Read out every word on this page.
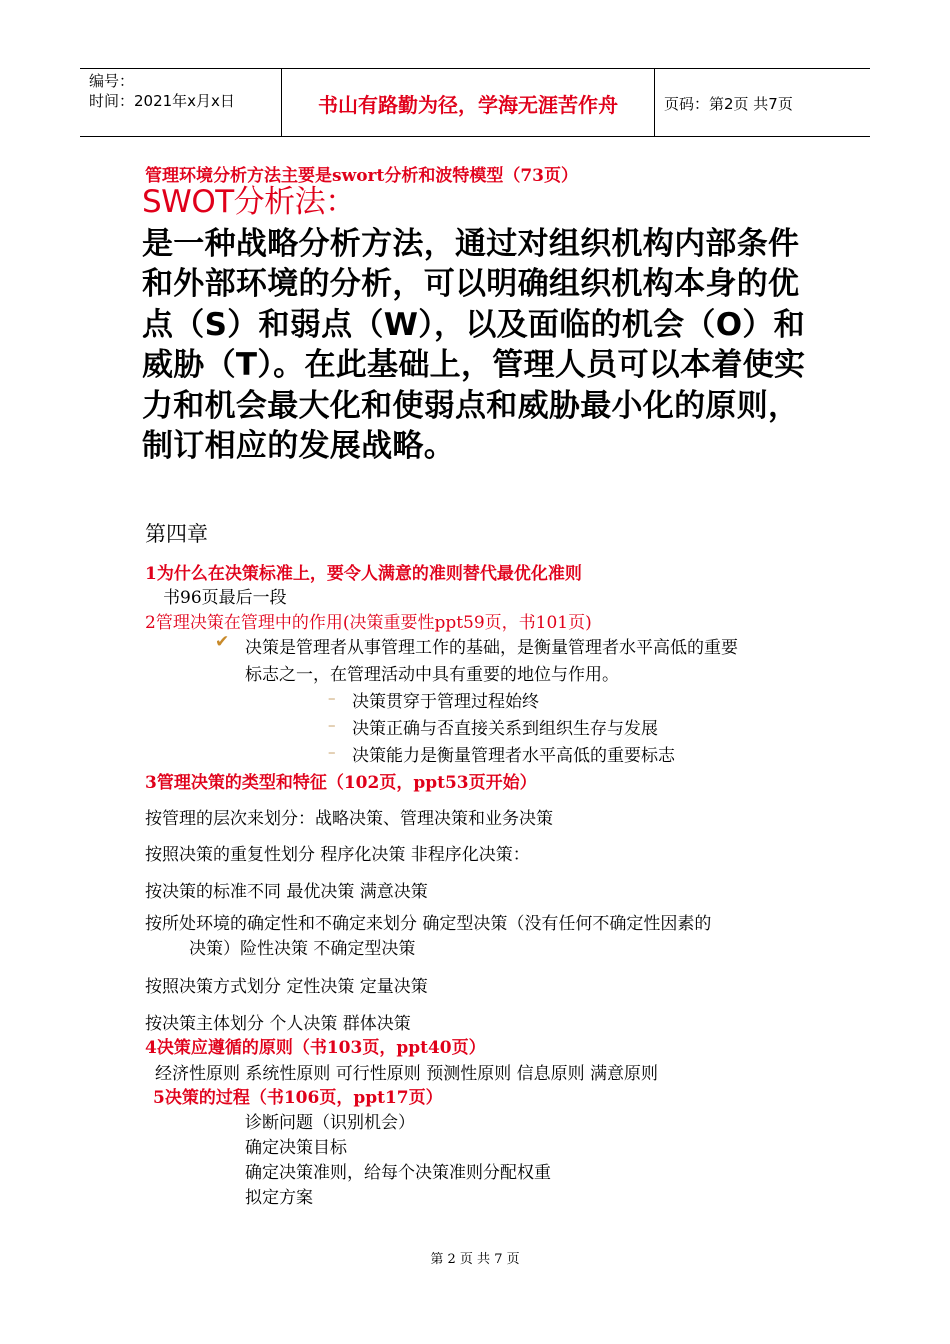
编号：
时间：2021年x月x日	书山有路勤为径，学海无涯苦作舟	页码：第2页 共7页
管理环境分析方法主要是swort分析和波特模型（73页）
SWOT分析法：
是一种战略分析方法，通过对组织机构内部条件和外部环境的分析，可以明确组织机构本身的优点（S）和弱点（W），以及面临的机会（O）和威胁（T）。在此基础上，管理人员可以本着使实力和机会最大化和使弱点和威胁最小化的原则，制订相应的发展战略。
第四章
1为什么在决策标准上，要令人满意的准则替代最优化准则
书96页最后一段
2管理决策在管理中的作用(决策重要性ppt59页，书101页)
✔ 决策是管理者从事管理工作的基础，是衡量管理者水平高低的重要
标志之一，在管理活动中具有重要的地位与作用。
– 决策贯穿于管理过程始终
– 决策正确与否直接关系到组织生存与发展
– 决策能力是衡量管理者水平高低的重要标志
3管理决策的类型和特征（102页，ppt53页开始）
按管理的层次来划分：战略决策、管理决策和业务决策
按照决策的重复性划分 程序化决策 非程序化决策：
按决策的标准不同 最优决策 满意决策
按所处环境的确定性和不确定来划分 确定型决策（没有任何不确定性因素的
决策）险性决策 不确定型决策
按照决策方式划分 定性决策 定量决策
按决策主体划分 个人决策 群体决策
4决策应遵循的原则（书103页，ppt40页）
经济性原则 系统性原则 可行性原则 预测性原则 信息原则 满意原则
5决策的过程（书106页，ppt17页）
诊断问题（识别机会）
确定决策目标
确定决策准则，给每个决策准则分配权重
拟定方案
第 2 页 共 7 页
